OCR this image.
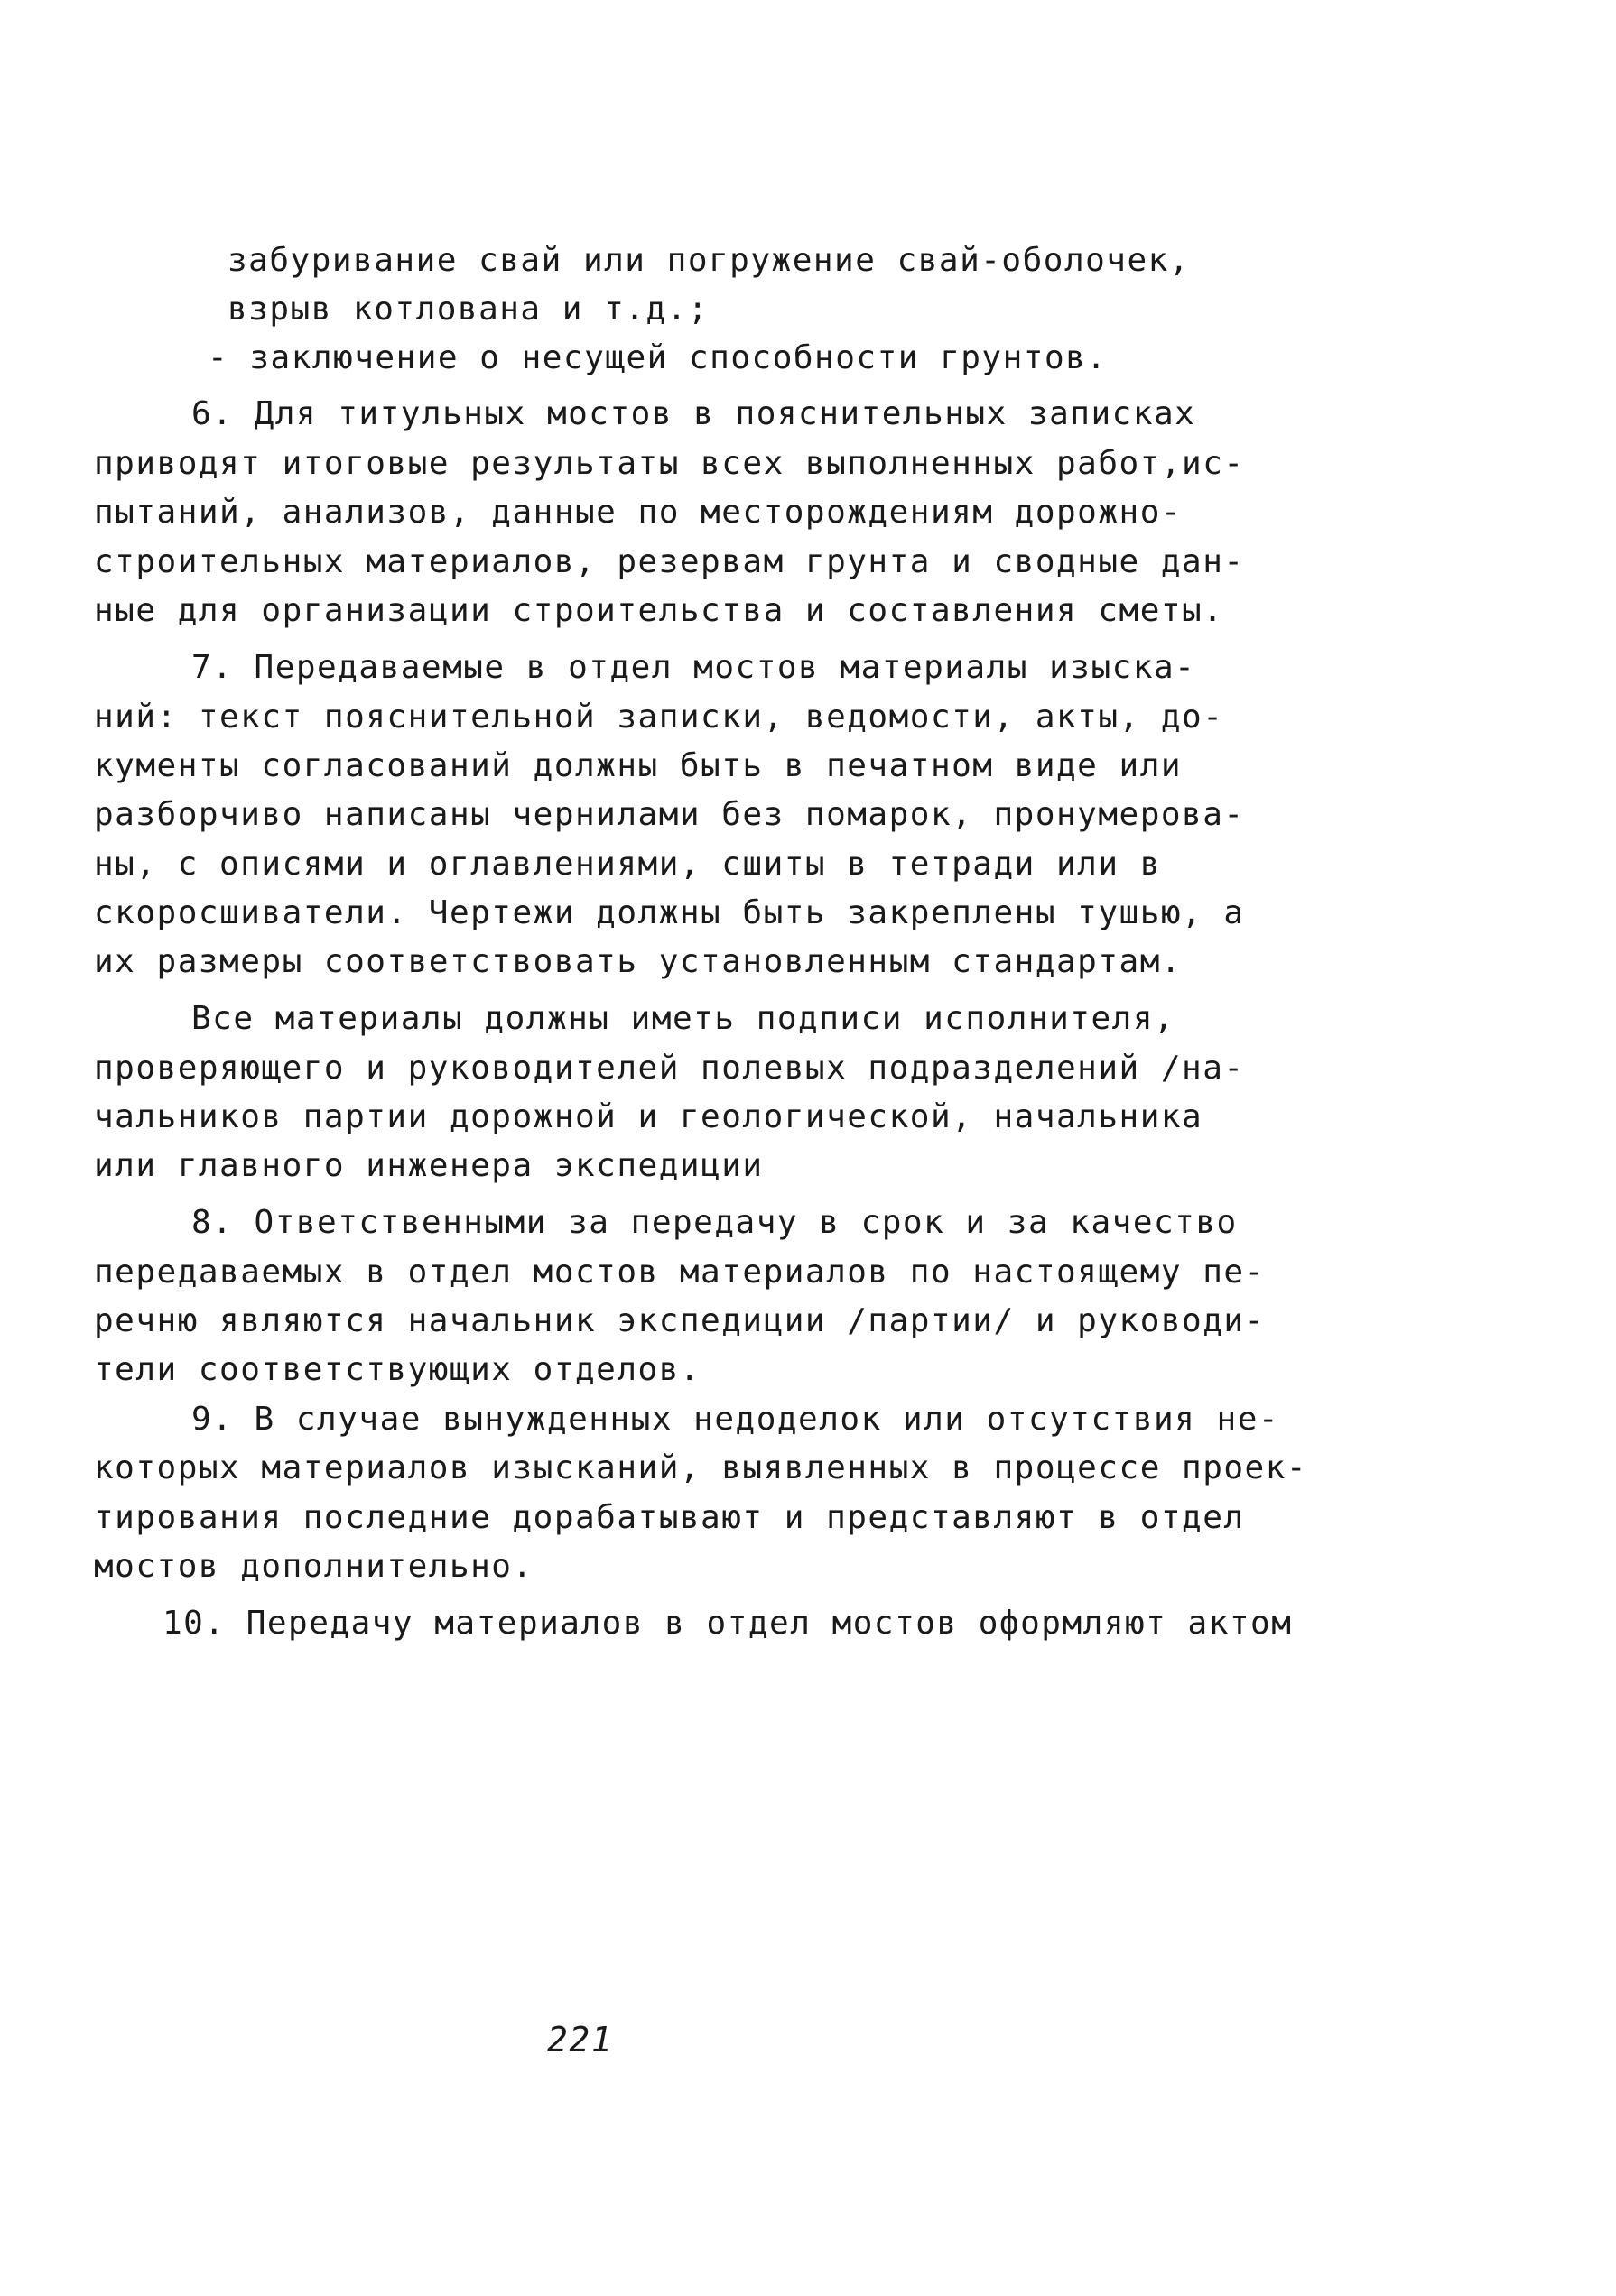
забуривание свай или погружение свай-оболочек,
взрыв котлована и т.д.;
- заключение о несущей способности грунтов.
6. Для титульных мостов в пояснительных записках
приводят итоговые результаты всех выполненных работ,ис-
пытаний, анализов, данные по месторождениям дорожно-
строительных материалов, резервам грунта и сводные дан-
ные для организации строительства и составления сметы.
7. Передаваемые в отдел мостов материалы изыска-
ний: текст пояснительной записки, ведомости, акты, до-
кументы согласований должны быть в печатном виде или
разборчиво написаны чернилами без помарок, пронумерова-
ны, с описями и оглавлениями, сшиты в тетради или в
скоросшиватели. Чертежи должны быть закреплены тушью, а
их размеры соответствовать установленным стандартам.
Все материалы должны иметь подписи исполнителя,
проверяющего и руководителей полевых подразделений /на-
чальников партии дорожной и геологической, начальника
или главного инженера экспедиции
8. Ответственными за передачу в срок и за качество
передаваемых в отдел мостов материалов по настоящему пе-
речню являются начальник экспедиции /партии/ и руководи-
тели соответствующих отделов.
9. В случае вынужденных недоделок или отсутствия не-
которых материалов изысканий, выявленных в процессе проек-
тирования последние дорабатывают и представляют в отдел
мостов дополнительно.
10. Передачу материалов в отдел мостов оформляют актом
221
